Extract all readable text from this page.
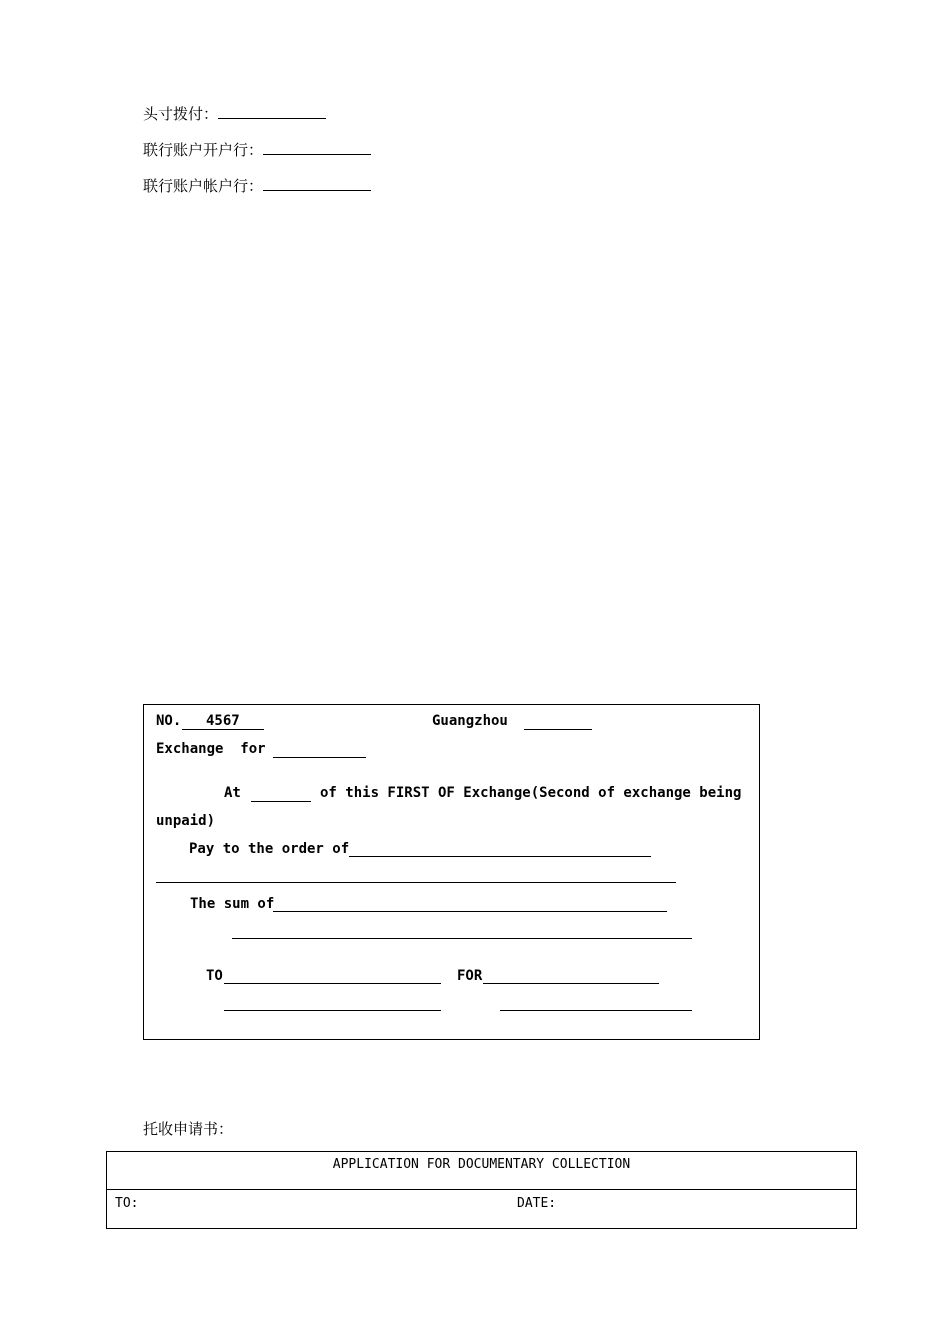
头寸拨付：
联行账户开户行：
联行账户帐户行：
NO. 4567	Guangzhou
Exchange  for
At	of this FIRST OF Exchange(Second of exchange being
unpaid)
Pay to the order of
The sum of
TO	FOR
托收申请书：
APPLICATION FOR DOCUMENTARY COLLECTION
TO:	DATE:
